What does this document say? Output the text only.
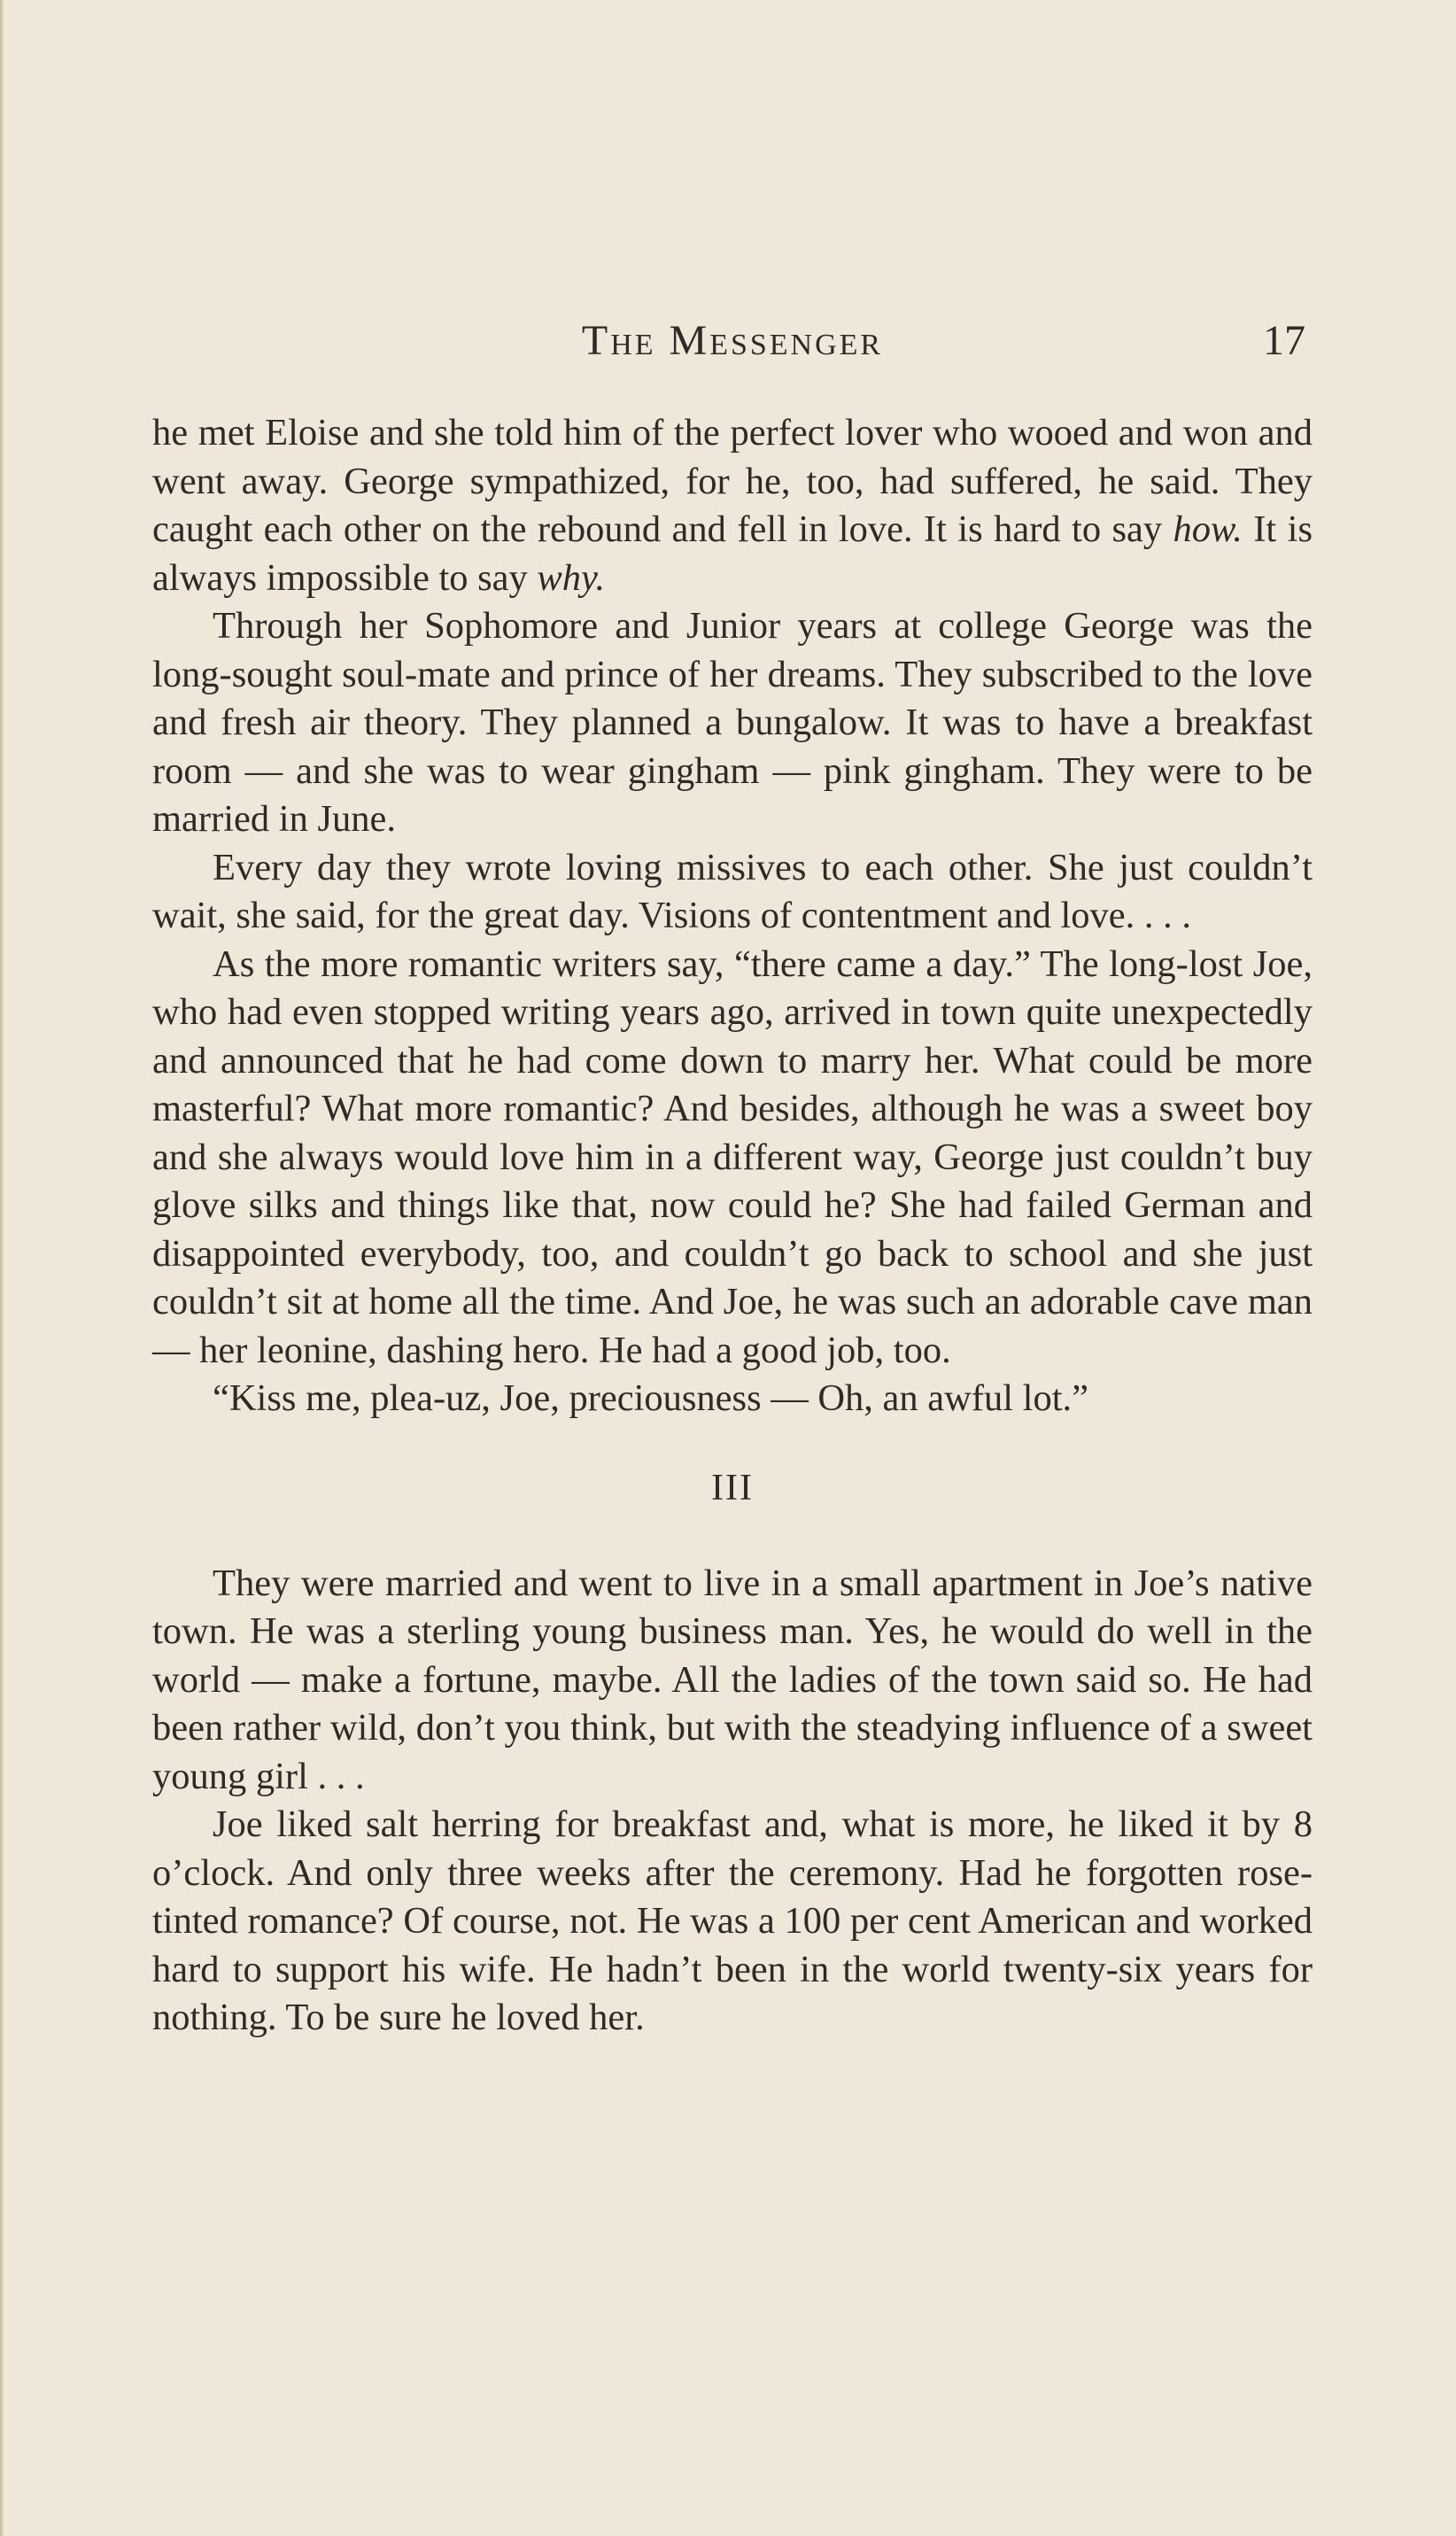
The Messenger	17

he met Eloise and she told him of the perfect lover who wooed and won and went away. George sympathized, for he, too, had suffered, he said. They caught each other on the rebound and fell in love. It is hard to say how. It is always impossible to say why.

Through her Sophomore and Junior years at college George was the long-sought soul-mate and prince of her dreams. They subscribed to the love and fresh air theory. They planned a bungalow. It was to have a breakfast room — and she was to wear gingham — pink gingham. They were to be married in June.

Every day they wrote loving missives to each other. She just couldn’t wait, she said, for the great day. Visions of contentment and love. . . .

As the more romantic writers say, “there came a day.” The long-lost Joe, who had even stopped writing years ago, arrived in town quite unexpectedly and announced that he had come down to marry her. What could be more masterful? What more romantic? And besides, although he was a sweet boy and she always would love him in a different way, George just couldn’t buy glove silks and things like that, now could he? She had failed German and disappointed everybody, too, and couldn’t go back to school and she just couldn’t sit at home all the time. And Joe, he was such an adorable cave man — her leonine, dashing hero. He had a good job, too.

“Kiss me, plea-uz, Joe, preciousness — Oh, an awful lot.”

III

They were married and went to live in a small apartment in Joe’s native town. He was a sterling young business man. Yes, he would do well in the world — make a fortune, maybe. All the ladies of the town said so. He had been rather wild, don’t you think, but with the steadying influence of a sweet young girl . . .

Joe liked salt herring for breakfast and, what is more, he liked it by 8 o’clock. And only three weeks after the ceremony. Had he forgotten rose-tinted romance? Of course, not. He was a 100 per cent American and worked hard to support his wife. He hadn’t been in the world twenty-six years for nothing. To be sure he loved her.
